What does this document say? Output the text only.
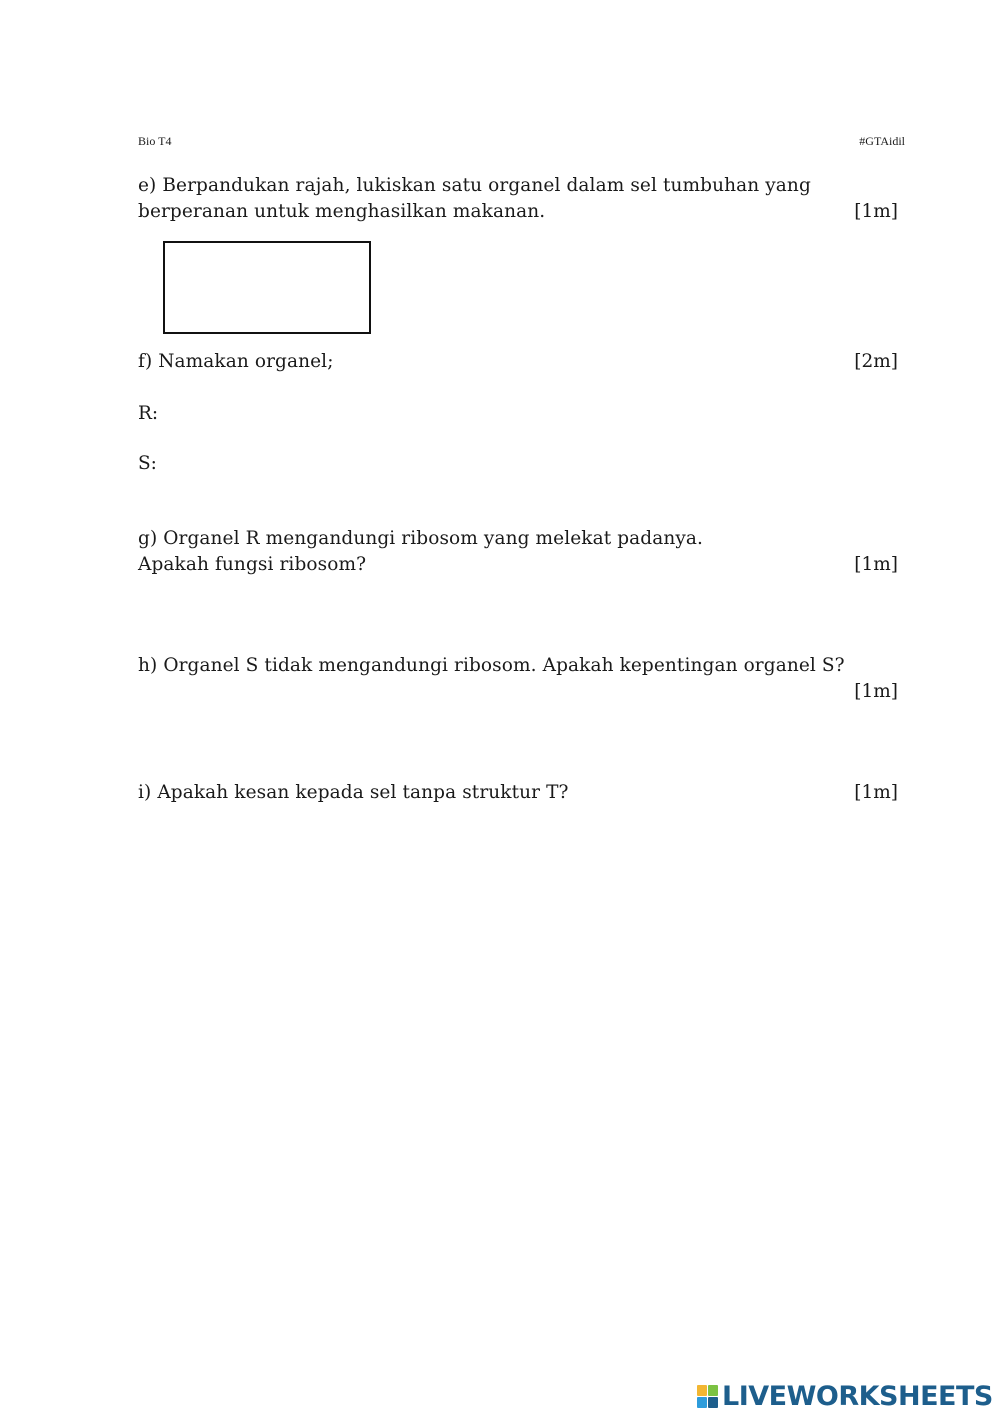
Bio T4	#GTAidil
e) Berpandukan rajah, lukiskan satu organel dalam sel tumbuhan yang
berperanan untuk menghasilkan makanan.	[1m]
f) Namakan organel;	[2m]
R:
S:
g) Organel R mengandungi ribosom yang melekat padanya.
Apakah fungsi ribosom?	[1m]
h) Organel S tidak mengandungi ribosom. Apakah kepentingan organel S?
[1m]
i) Apakah kesan kepada sel tanpa struktur T?	[1m]
LIVEWORKSHEETS
